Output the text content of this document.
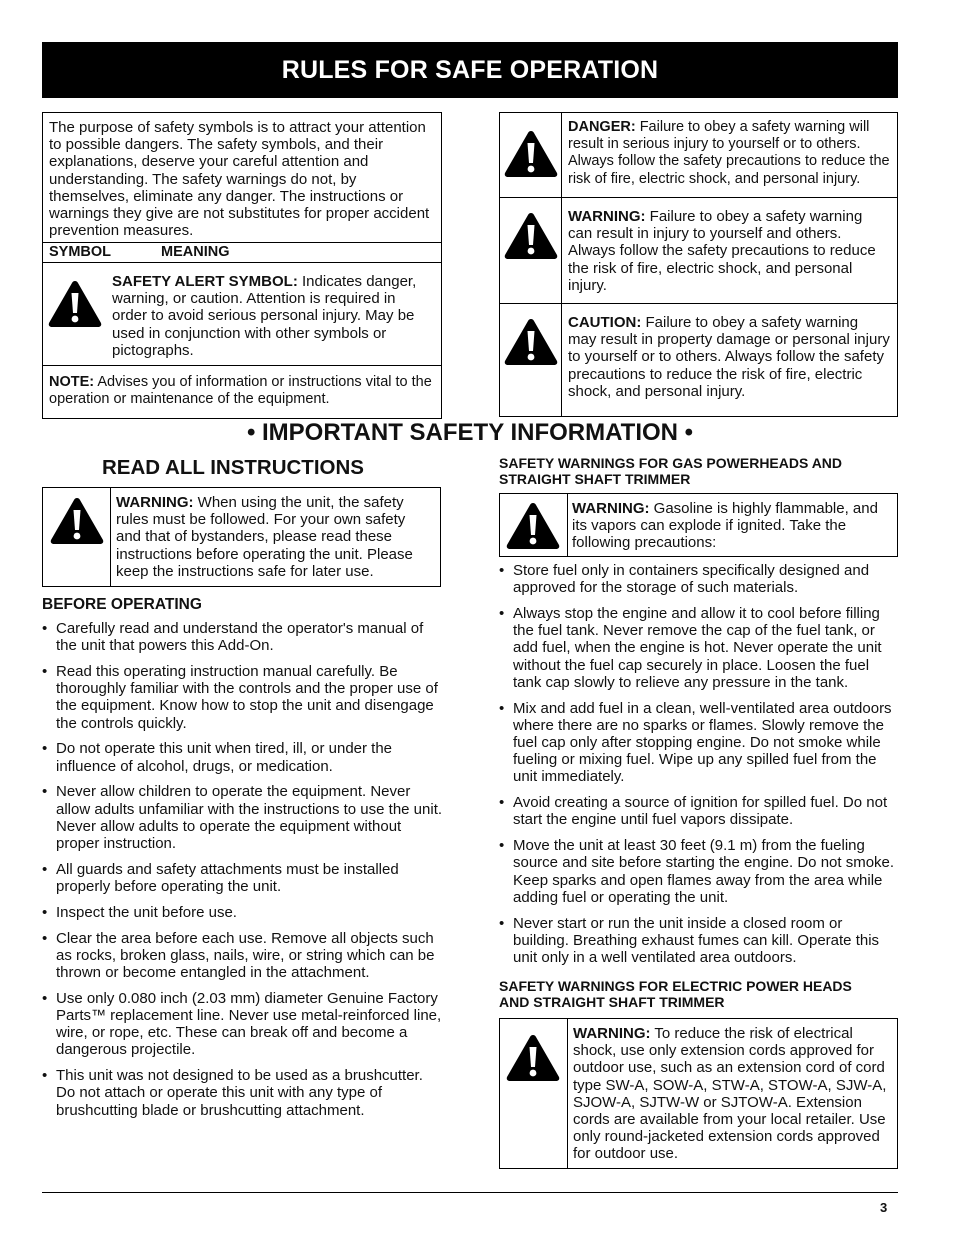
RULES FOR SAFE OPERATION
The purpose of safety symbols is to attract your attention to possible dangers. The safety symbols, and their explanations, deserve your careful attention and understanding. The safety warnings do not, by themselves, eliminate any danger. The instructions or warnings they give are not substitutes for proper accident prevention measures.
SYMBOL	MEANING
SAFETY ALERT SYMBOL: Indicates danger, warning, or caution. Attention is required in order to avoid serious personal injury. May be used in conjunction with other symbols or pictographs.
NOTE: Advises you of information or instructions vital to the operation or maintenance of the equipment.
DANGER: Failure to obey a safety warning will result in serious injury to yourself or to others. Always follow the safety precautions to reduce the risk of fire, electric shock, and personal injury.
WARNING: Failure to obey a safety warning can result in injury to yourself and others. Always follow the safety precautions to reduce the risk of fire, electric shock, and personal injury.
CAUTION: Failure to obey a safety warning may result in property damage or personal injury to yourself or to others. Always follow the safety precautions to reduce the risk of fire, electric shock, and personal injury.
• IMPORTANT SAFETY INFORMATION •
READ ALL INSTRUCTIONS
WARNING: When using the unit, the safety rules must be followed. For your own safety and that of bystanders, please read these instructions before operating the unit. Please keep the instructions safe for later use.
BEFORE OPERATING
• Carefully read and understand the operator's manual of the unit that powers this Add-On.
• Read this operating instruction manual carefully. Be thoroughly familiar with the controls and the proper use of the equipment. Know how to stop the unit and disengage the controls quickly.
• Do not operate this unit when tired, ill, or under the influence of alcohol, drugs, or medication.
• Never allow children to operate the equipment. Never allow adults unfamiliar with the instructions to use the unit. Never allow adults to operate the equipment without proper instruction.
• All guards and safety attachments must be installed properly before operating the unit.
• Inspect the unit before use.
• Clear the area before each use. Remove all objects such as rocks, broken glass, nails, wire, or string which can be thrown or become entangled in the attachment.
• Use only 0.080 inch (2.03 mm) diameter Genuine Factory Parts™ replacement line. Never use metal-reinforced line, wire, or rope, etc. These can break off and become a dangerous projectile.
• This unit was not designed to be used as a brushcutter. Do not attach or operate this unit with any type of brushcutting blade or brushcutting attachment.
SAFETY WARNINGS FOR GAS POWERHEADS AND
STRAIGHT SHAFT TRIMMER
WARNING: Gasoline is highly flammable, and its vapors can explode if ignited. Take the following precautions:
• Store fuel only in containers specifically designed and approved for the storage of such materials.
• Always stop the engine and allow it to cool before filling the fuel tank. Never remove the cap of the fuel tank, or add fuel, when the engine is hot. Never operate the unit without the fuel cap securely in place. Loosen the fuel tank cap slowly to relieve any pressure in the tank.
• Mix and add fuel in a clean, well-ventilated area outdoors where there are no sparks or flames. Slowly remove the fuel cap only after stopping engine. Do not smoke while fueling or mixing fuel. Wipe up any spilled fuel from the unit immediately.
• Avoid creating a source of ignition for spilled fuel. Do not start the engine until fuel vapors dissipate.
• Move the unit at least 30 feet (9.1 m) from the fueling source and site before starting the engine. Do not smoke. Keep sparks and open flames away from the area while adding fuel or operating the unit.
• Never start or run the unit inside a closed room or building. Breathing exhaust fumes can kill. Operate this unit only in a well ventilated area outdoors.
SAFETY WARNINGS FOR ELECTRIC POWER HEADS
AND STRAIGHT SHAFT TRIMMER
WARNING: To reduce the risk of electrical shock, use only extension cords approved for outdoor use, such as an extension cord of cord type SW-A, SOW-A, STW-A, STOW-A, SJW-A, SJOW-A, SJTW-W or SJTOW-A. Extension cords are available from your local retailer. Use only round-jacketed extension cords approved for outdoor use.
3
